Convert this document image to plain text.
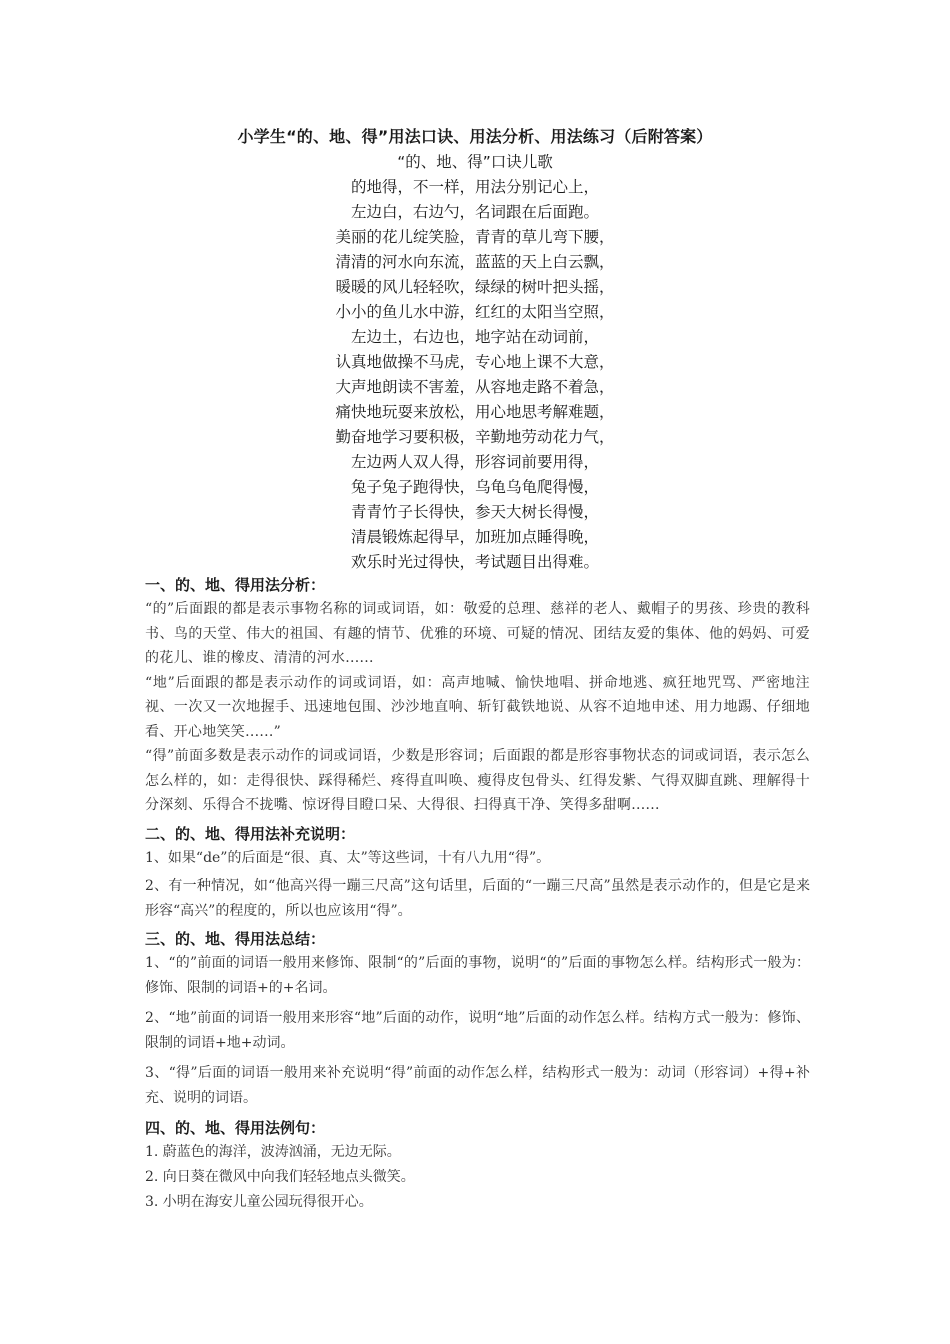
小学生“的、地、得”用法口诀、用法分析、用法练习（后附答案）
“的、地、得”口诀儿歌
的地得，不一样，用法分别记心上，
左边白，右边勺，名词跟在后面跑。
美丽的花儿绽笑脸，青青的草儿弯下腰，
清清的河水向东流，蓝蓝的天上白云飘，
暖暖的风儿轻轻吹，绿绿的树叶把头摇，
小小的鱼儿水中游，红红的太阳当空照，
左边土，右边也，地字站在动词前，
认真地做操不马虎，专心地上课不大意，
大声地朗读不害羞，从容地走路不着急，
痛快地玩耍来放松，用心地思考解难题，
勤奋地学习要积极，辛勤地劳动花力气，
左边两人双人得，形容词前要用得，
兔子兔子跑得快，乌龟乌龟爬得慢，
青青竹子长得快，参天大树长得慢，
清晨锻炼起得早，加班加点睡得晚，
欢乐时光过得快，考试题目出得难。
一、的、地、得用法分析：
“的”后面跟的都是表示事物名称的词或词语，如：敬爱的总理、慈祥的老人、戴帽子的男孩、珍贵的教科书、鸟的天堂、伟大的祖国、有趣的情节、优雅的环境、可疑的情况、团结友爱的集体、他的妈妈、可爱的花儿、谁的橡皮、清清的河水......
“地”后面跟的都是表示动作的词或词语，如：高声地喊、愉快地唱、拼命地逃、疯狂地咒骂、严密地注视、一次又一次地握手、迅速地包围、沙沙地直响、斩钉截铁地说、从容不迫地申述、用力地踢、仔细地看、开心地笑笑......”
“得”前面多数是表示动作的词或词语，少数是形容词；后面跟的都是形容事物状态的词或词语，表示怎么怎么样的，如：走得很快、踩得稀烂、疼得直叫唤、瘦得皮包骨头、红得发紫、气得双脚直跳、理解得十分深刻、乐得合不拢嘴、惊讶得目瞪口呆、大得很、扫得真干净、笑得多甜啊......
二、的、地、得用法补充说明：
1、如果“de”的后面是“很、真、太”等这些词，十有八九用“得”。
2、有一种情况，如“他高兴得一蹦三尺高”这句话里，后面的“一蹦三尺高”虽然是表示动作的，但是它是来形容“高兴”的程度的，所以也应该用“得”。
三、的、地、得用法总结：
1、“的”前面的词语一般用来修饰、限制“的”后面的事物，说明“的”后面的事物怎么样。结构形式一般为：修饰、限制的词语+的+名词。
2、“地”前面的词语一般用来形容“地”后面的动作，说明“地”后面的动作怎么样。结构方式一般为：修饰、限制的词语+地+动词。
3、“得”后面的词语一般用来补充说明“得”前面的动作怎么样，结构形式一般为：动词（形容词）+得+补充、说明的词语。
四、的、地、得用法例句：
1. 蔚蓝色的海洋，波涛汹涌，无边无际。
2. 向日葵在微风中向我们轻轻地点头微笑。
3. 小明在海安儿童公园玩得很开心。
